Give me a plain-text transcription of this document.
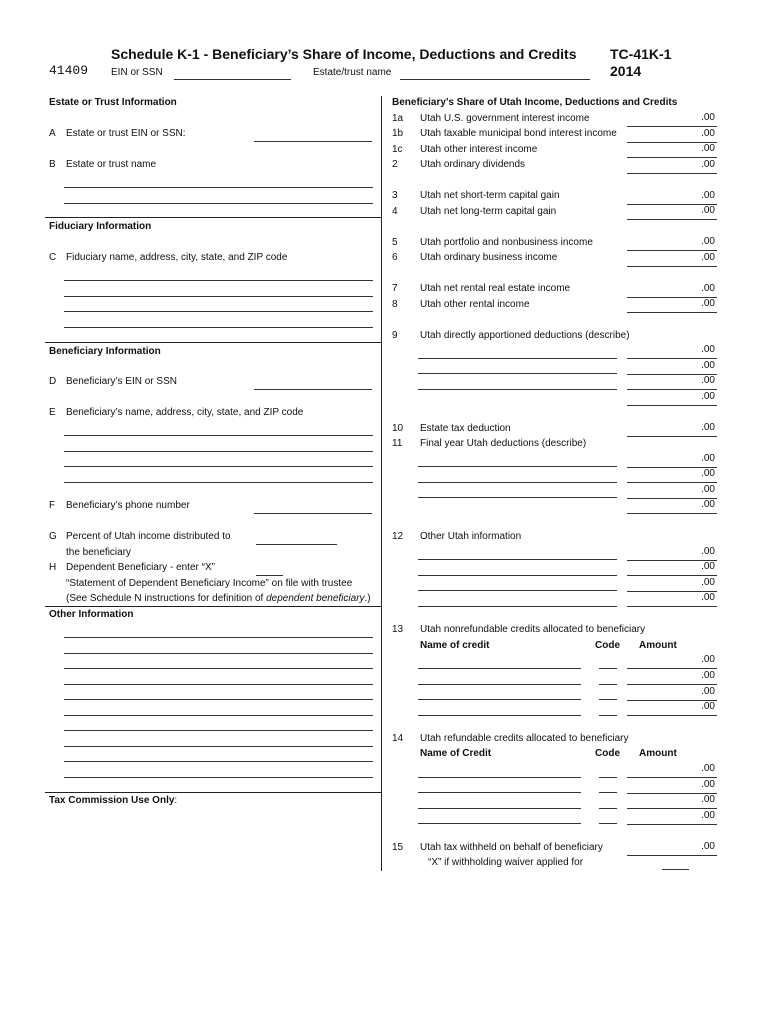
Schedule K-1 - Beneficiary’s Share of Income, Deductions and Credits TC-41K-1
2014
41409 EIN or SSN	Estate/trust name
Estate or Trust Information
A Estate or trust EIN or SSN:
B Estate or trust name
Fiduciary Information
C Fiduciary name, address, city, state, and ZIP code
Beneficiary Information
D Beneficiary’s EIN or SSN
E Beneficiary’s name, address, city, state, and ZIP code
F Beneficiary’s phone number
G Percent of Utah income distributed to
the beneficiary
H Dependent Beneficiary - enter “X”
“Statement of Dependent Beneficiary Income” on file with trustee
(See Schedule N instructions for definition of dependent beneficiary.)
Other Information
Tax Commission Use Only:
Beneficiary’s Share of Utah Income, Deductions and Credits
1a Utah U.S. government interest income	.00
1b Utah taxable municipal bond interest income	.00
1c Utah other interest income	.00
2 Utah ordinary dividends	.00
3 Utah net short-term capital gain	.00
4 Utah net long-term capital gain	.00
5 Utah portfolio and nonbusiness income	.00
6 Utah ordinary business income	.00
7 Utah net rental real estate income	.00
8 Utah other rental income	.00
9 Utah directly apportioned deductions (describe)
.00
.00
.00
.00
10 Estate tax deduction	.00
11 Final year Utah deductions (describe)
.00
.00
.00
.00
12 Other Utah information
.00
.00
.00
.00
13 Utah nonrefundable credits allocated to beneficiary
Name of credit	Code Amount
.00
.00
.00
.00
14 Utah refundable credits allocated to beneficiary
Name of Credit	Code Amount
.00
.00
.00
.00
15 Utah tax withheld on behalf of beneficiary	.00
“X” if withholding waiver applied for
